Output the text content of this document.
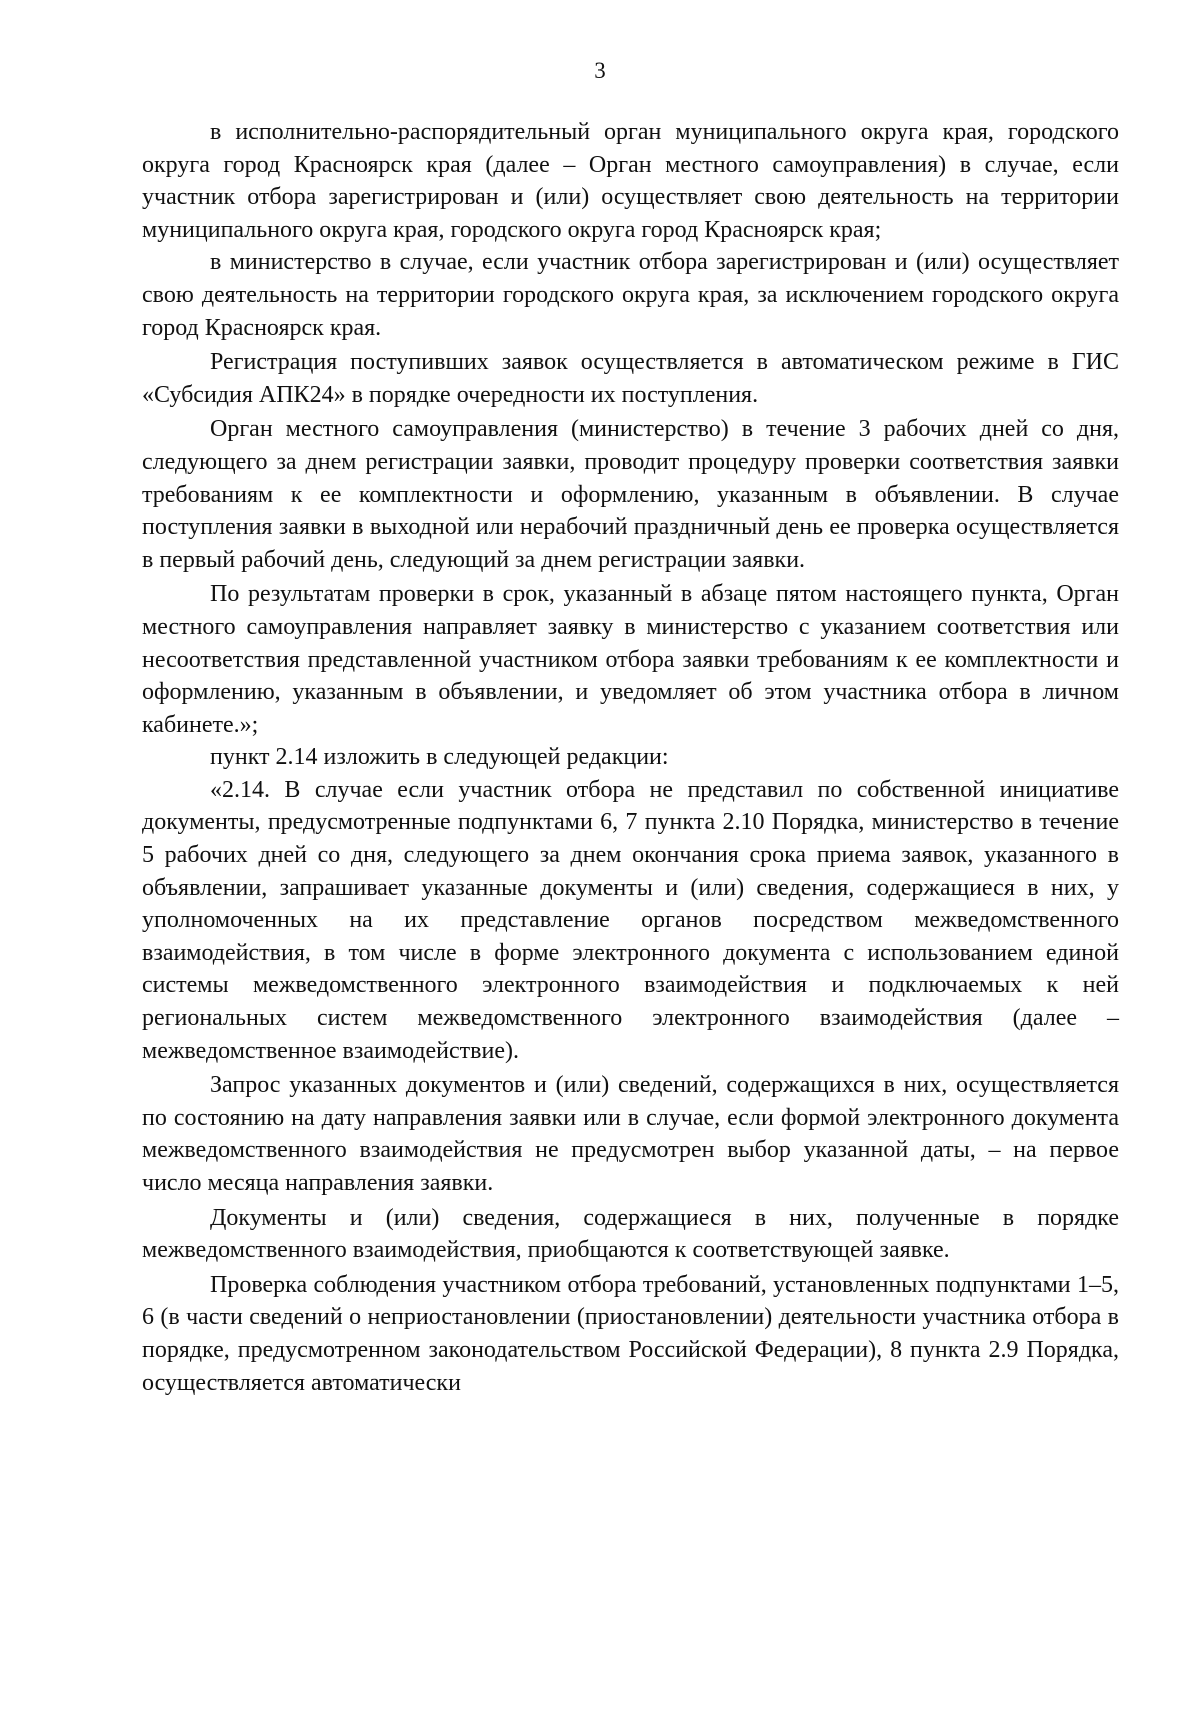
3

в исполнительно-распорядительный орган муниципального округа края, городского округа город Красноярск края (далее – Орган местного самоуправления) в случае, если участник отбора зарегистрирован и (или) осуществляет свою деятельность на территории муниципального округа края, городского округа город Красноярск края;

в министерство в случае, если участник отбора зарегистрирован и (или) осуществляет свою деятельность на территории городского округа края, за исключением городского округа город Красноярск края.

Регистрация поступивших заявок осуществляется в автоматическом режиме в ГИС «Субсидия АПК24» в порядке очередности их поступления.

Орган местного самоуправления (министерство) в течение 3 рабочих дней со дня, следующего за днем регистрации заявки, проводит процедуру проверки соответствия заявки требованиям к ее комплектности и оформлению, указанным в объявлении. В случае поступления заявки в выходной или нерабочий праздничный день ее проверка осуществляется в первый рабочий день, следующий за днем регистрации заявки.

По результатам проверки в срок, указанный в абзаце пятом настоящего пункта, Орган местного самоуправления направляет заявку в министерство с указанием соответствия или несоответствия представленной участником отбора заявки требованиям к ее комплектности и оформлению, указанным в объявлении, и уведомляет об этом участника отбора в личном кабинете.»;

пункт 2.14 изложить в следующей редакции:

«2.14. В случае если участник отбора не представил по собственной инициативе документы, предусмотренные подпунктами 6, 7 пункта 2.10 Порядка, министерство в течение 5 рабочих дней со дня, следующего за днем окончания срока приема заявок, указанного в объявлении, запрашивает указанные документы и (или) сведения, содержащиеся в них, у уполномоченных на их представление органов посредством межведомственного взаимодействия, в том числе в форме электронного документа с использованием единой системы межведомственного электронного взаимодействия и подключаемых к ней региональных систем межведомственного электронного взаимодействия (далее – межведомственное взаимодействие).

Запрос указанных документов и (или) сведений, содержащихся в них, осуществляется по состоянию на дату направления заявки или в случае, если формой электронного документа межведомственного взаимодействия не предусмотрен выбор указанной даты, – на первое число месяца направления заявки.

Документы и (или) сведения, содержащиеся в них, полученные в порядке межведомственного взаимодействия, приобщаются к соответствующей заявке.

Проверка соблюдения участником отбора требований, установленных подпунктами 1–5, 6 (в части сведений о неприостановлении (приостановлении) деятельности участника отбора в порядке, предусмотренном законодательством Российской Федерации), 8 пункта 2.9 Порядка, осуществляется автоматически
